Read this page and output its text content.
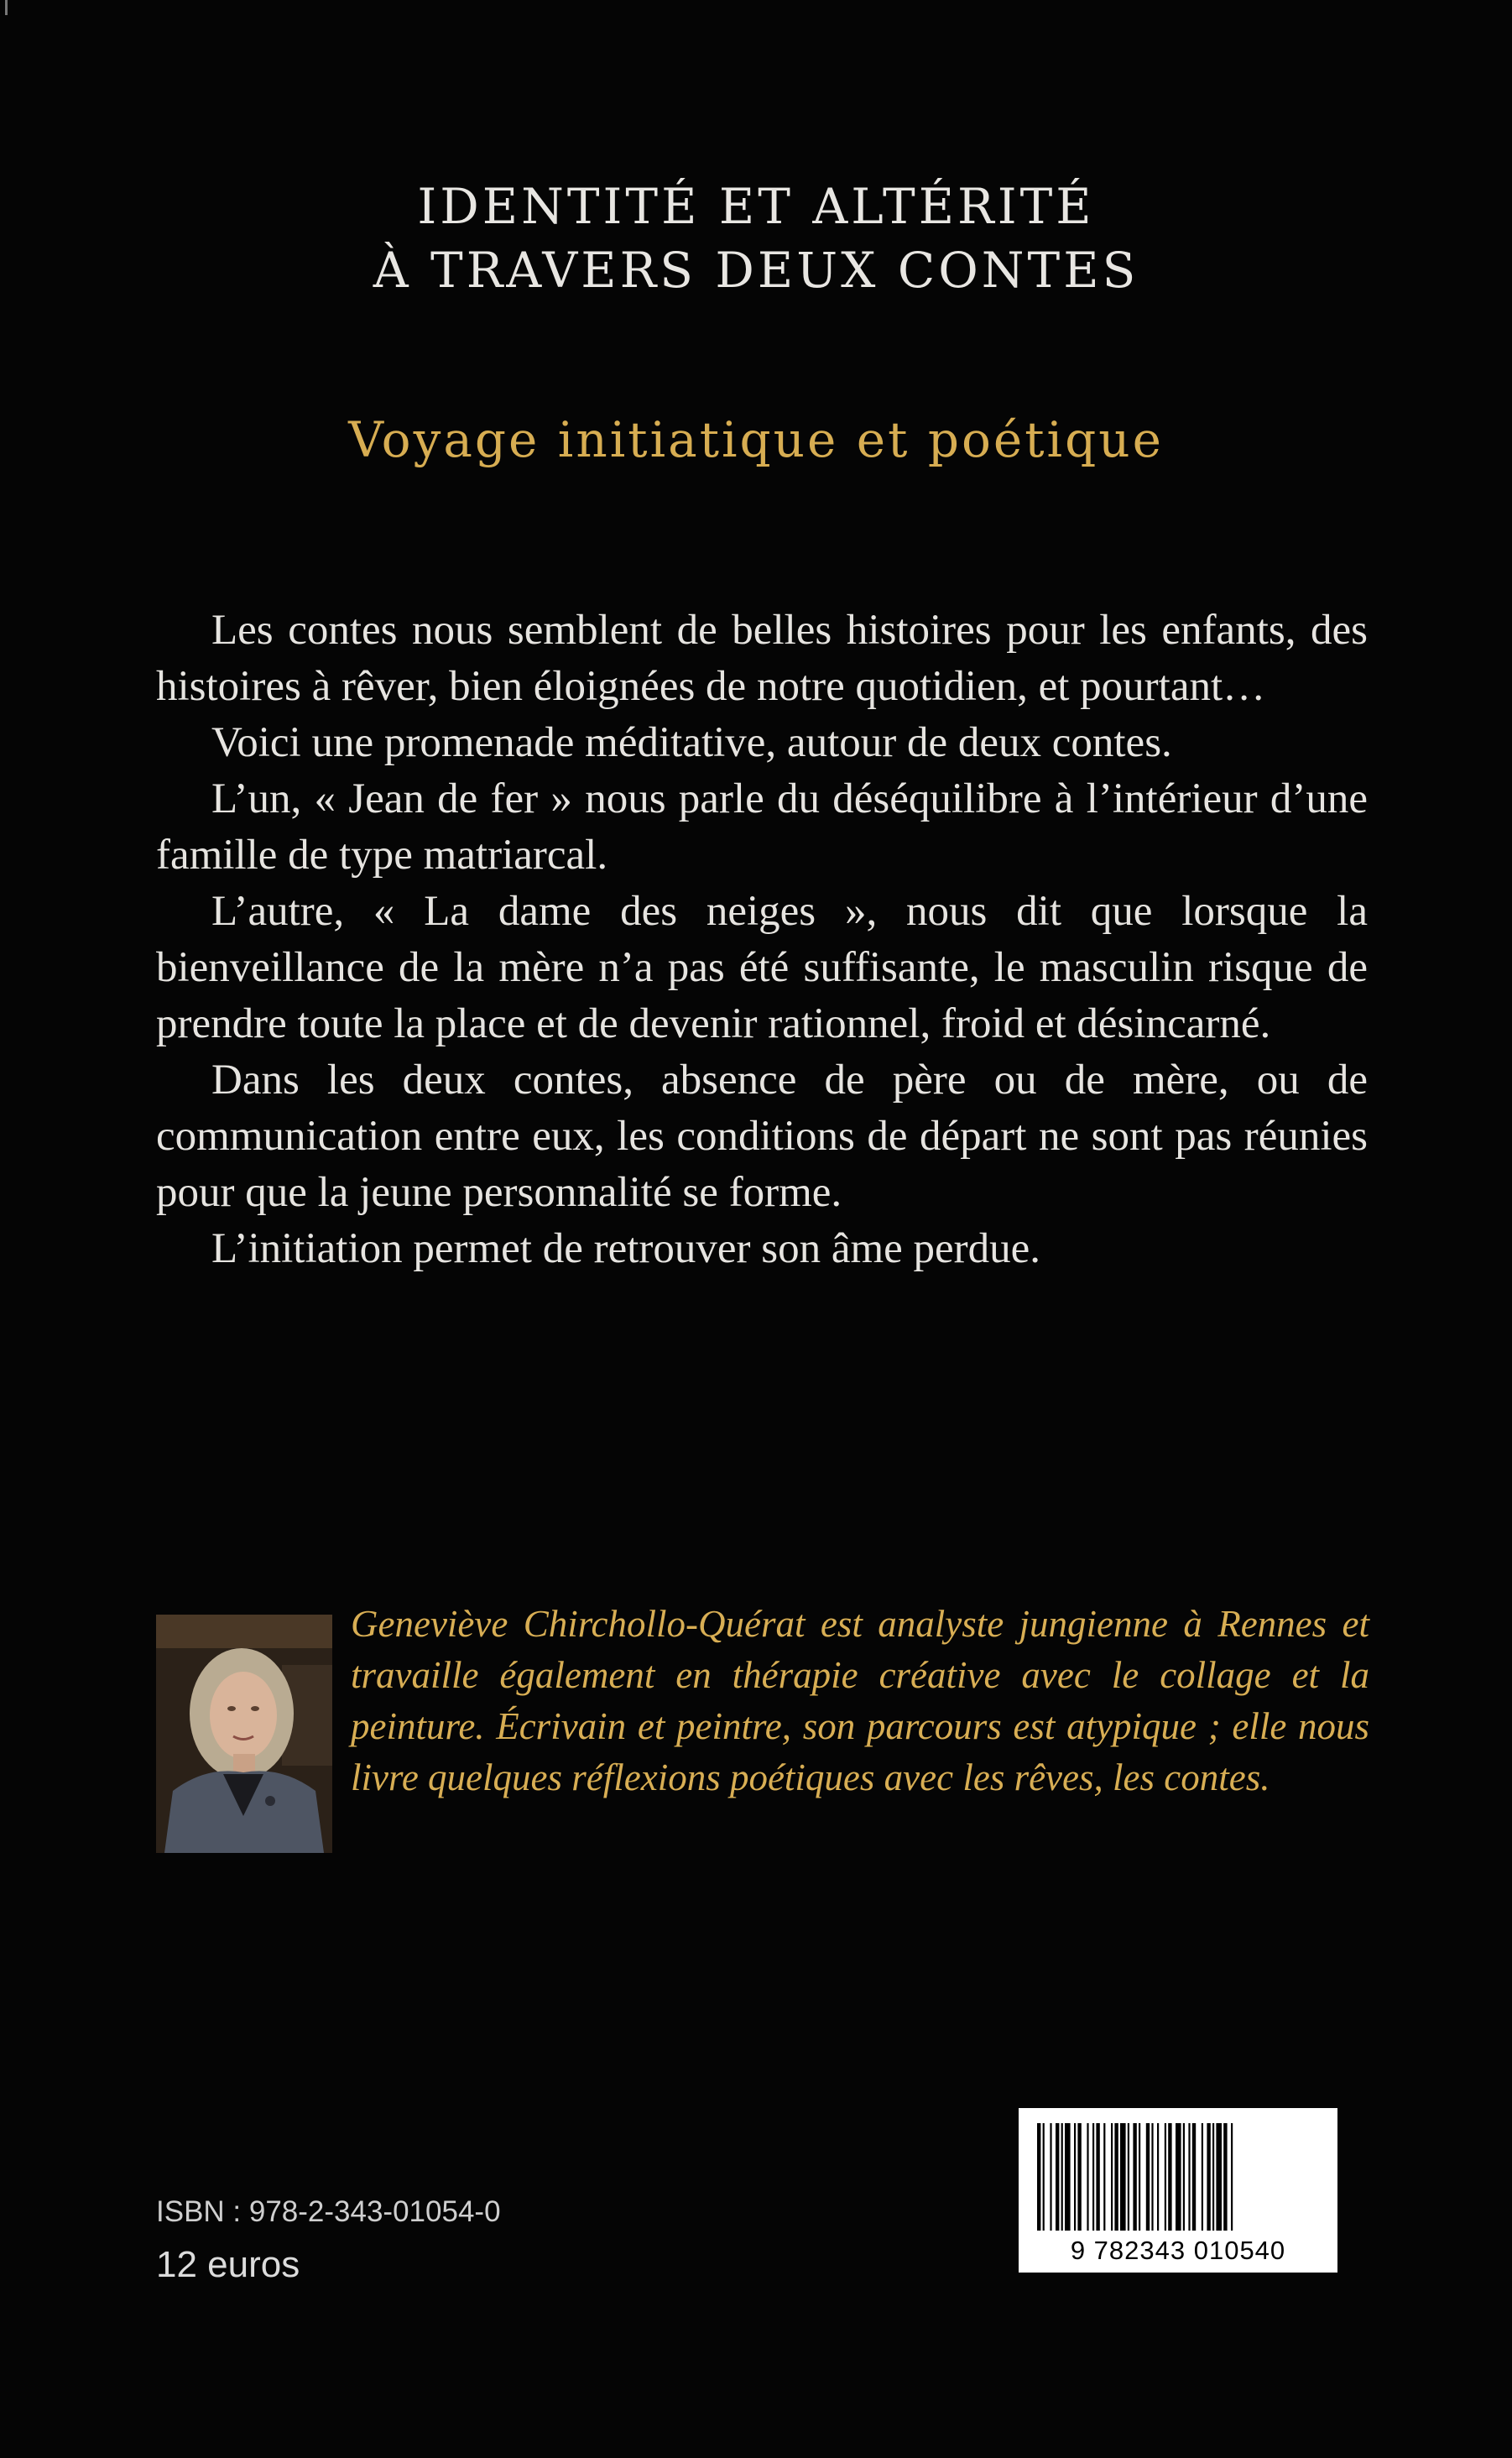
IDENTITÉ ET ALTÉRITÉ
À TRAVERS DEUX CONTES
Voyage initiatique et poétique

Les contes nous semblent de belles histoires pour les enfants, des histoires à rêver, bien éloignées de notre quotidien, et pourtant…

Voici une promenade méditative, autour de deux contes.

L’un, « Jean de fer » nous parle du déséquilibre à l’intérieur d’une famille de type matriarcal.

L’autre, « La dame des neiges », nous dit que lorsque la bienveillance de la mère n’a pas été suffisante, le masculin risque de prendre toute la place et de devenir rationnel, froid et désincarné.

Dans les deux contes, absence de père ou de mère, ou de communication entre eux, les conditions de départ ne sont pas réunies pour que la jeune personnalité se forme.

L’initiation permet de retrouver son âme perdue.

Geneviève Chirchollo-Quérat est analyste jungienne à Rennes et travaille également en thérapie créative avec le collage et la peinture. Écrivain et peintre, son parcours est atypique ; elle nous livre quelques réflexions poétiques avec les rêves, les contes.
ISBN : 978-2-343-01054-0
12 euros	9 782343 010540
